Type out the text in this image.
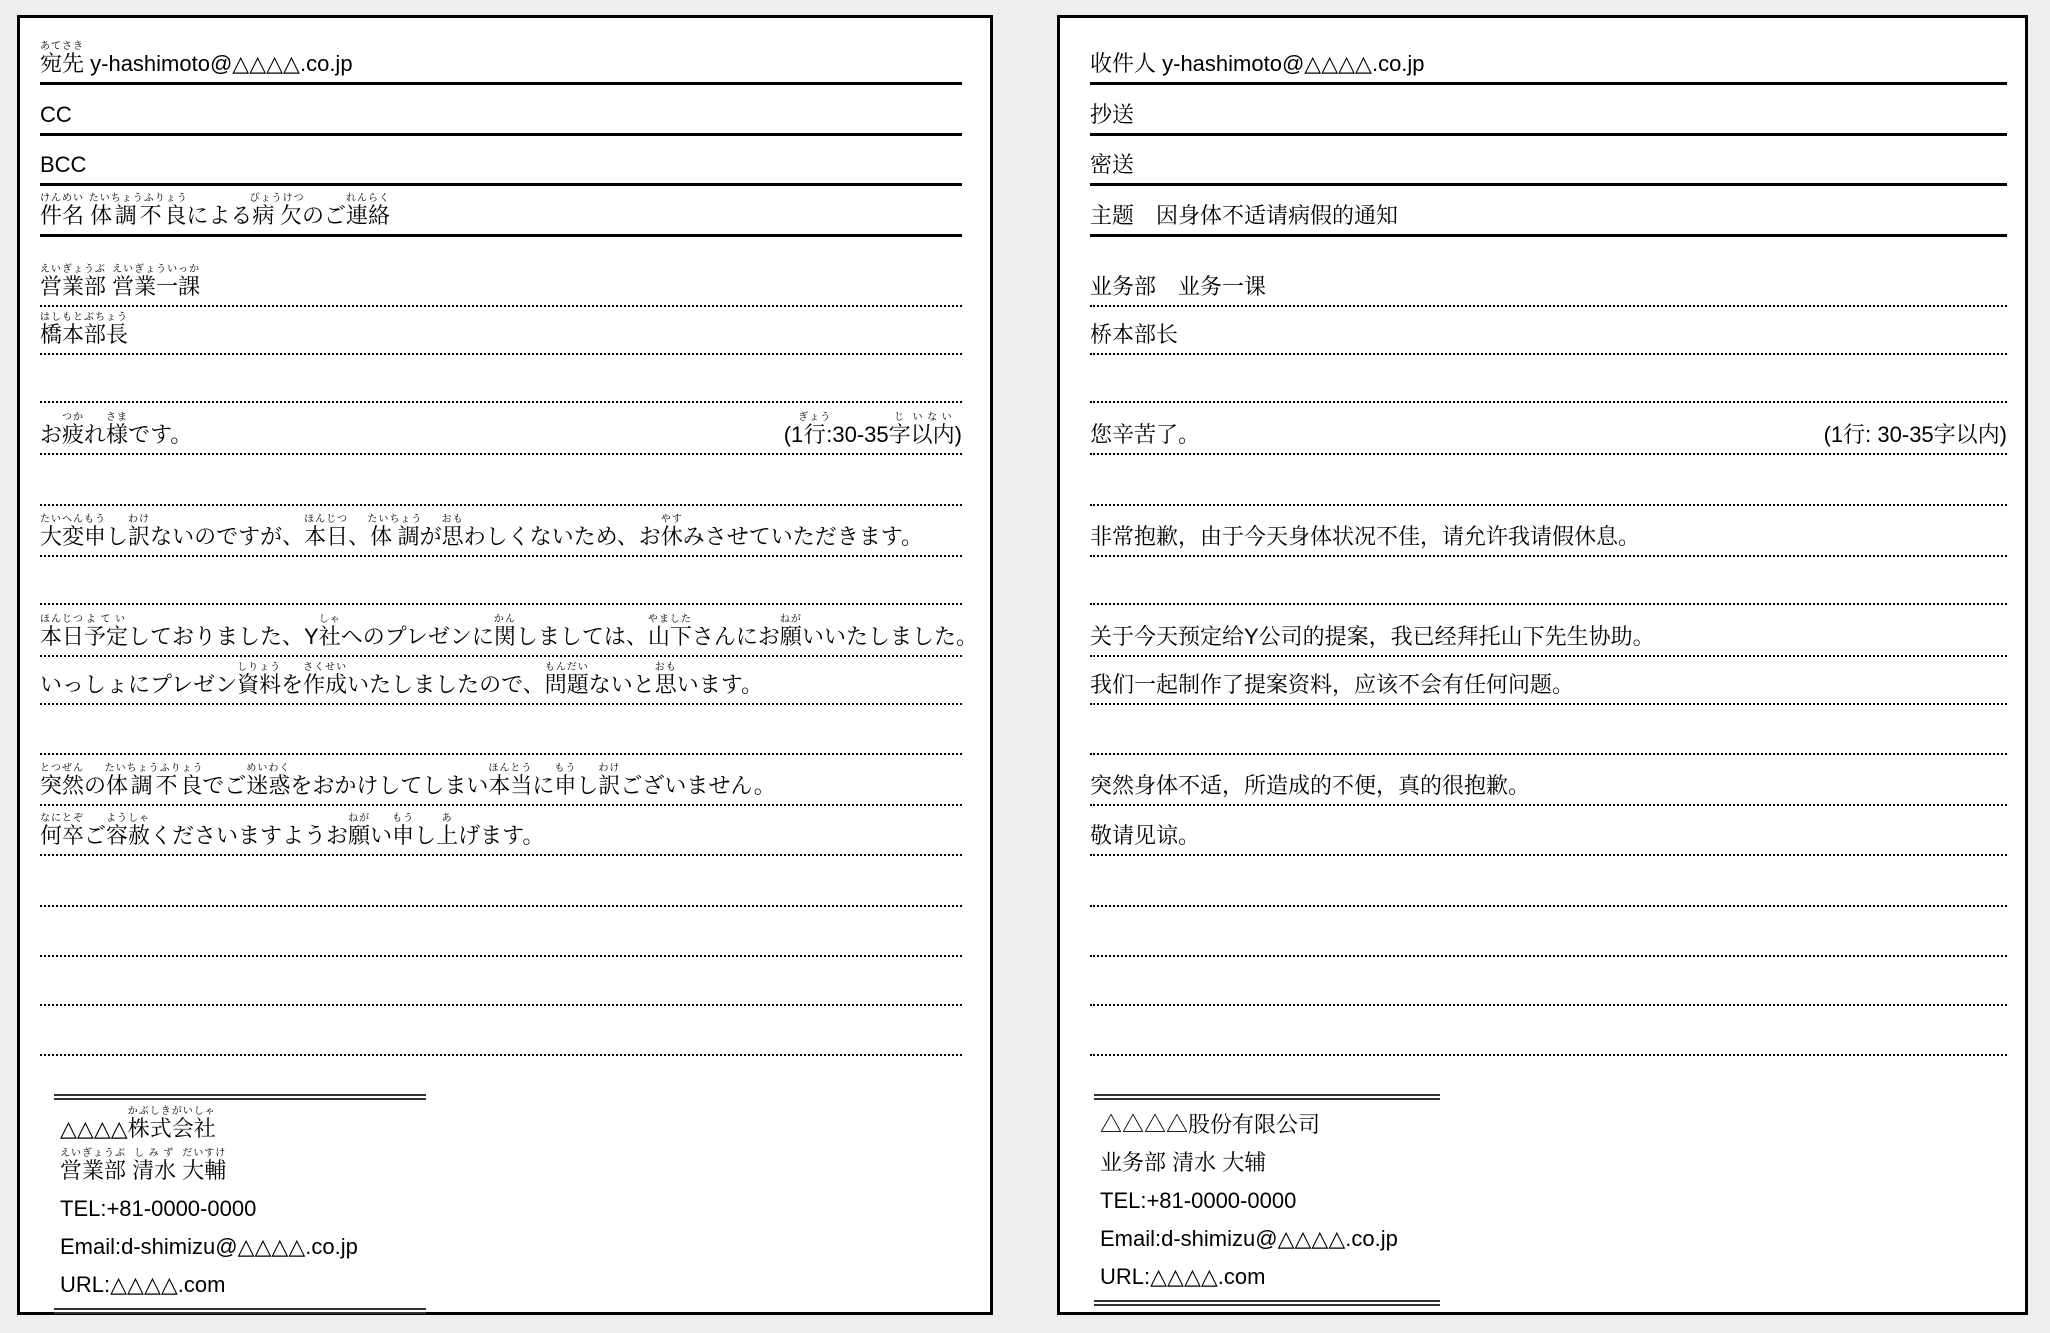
宛先あてさき y-hashimoto@△△△△.co.jp
CC
BCC
件名けんめい 体調不良たいちょうふりょうによる病欠びょうけつのご連絡れんらく
営業部えいぎょうぶ 営業一課えいぎょういっか
橋本部長はしもとぶちょう
お疲つかれ様さまです。	(1行ぎょう:30-35字じ以内いない)
大変たいへん申もうし訳わけないのですが、本日ほんじつ、体調たいちょうが思おもわしくないため、お休やすみさせていただきます。
本日ほんじつ予定よていしておりました、Y社しゃへのプレゼンに関かんしましては、山下やましたさんにお願ねがいいたしました。
いっしょにプレゼン資料しりょうを作成さくせいいたしましたので、問題もんだいないと思おもいます。
突然とつぜんの体調不良たいちょうふりょうでご迷惑めいわくをおかけしてしまい本当ほんとうに申もうし訳わけございません。
何卒なにとぞご容赦ようしゃくださいますようお願ねがい申もうし上あげます。
△△△△株式会社かぶしきがいしゃ
営業部えいぎょうぶ 清水しみず 大輔だいすけ
TEL:+81-0000-0000
Email:d-shimizu@△△△△.co.jp
URL:△△△△.com
收件人 y-hashimoto@△△△△.co.jp
抄送
密送
主题　因身体不适请病假的通知
业务部　业务一课
桥本部长
您辛苦了。	(1行: 30-35字以内)
非常抱歉，由于今天身体状况不佳，请允许我请假休息。
关于今天预定给Y公司的提案，我已经拜托山下先生协助。
我们一起制作了提案资料，应该不会有任何问题。
突然身体不适，所造成的不便，真的很抱歉。
敬请见谅。
△△△△股份有限公司
业务部 清水 大辅
TEL:+81-0000-0000
Email:d-shimizu@△△△△.co.jp
URL:△△△△.com
